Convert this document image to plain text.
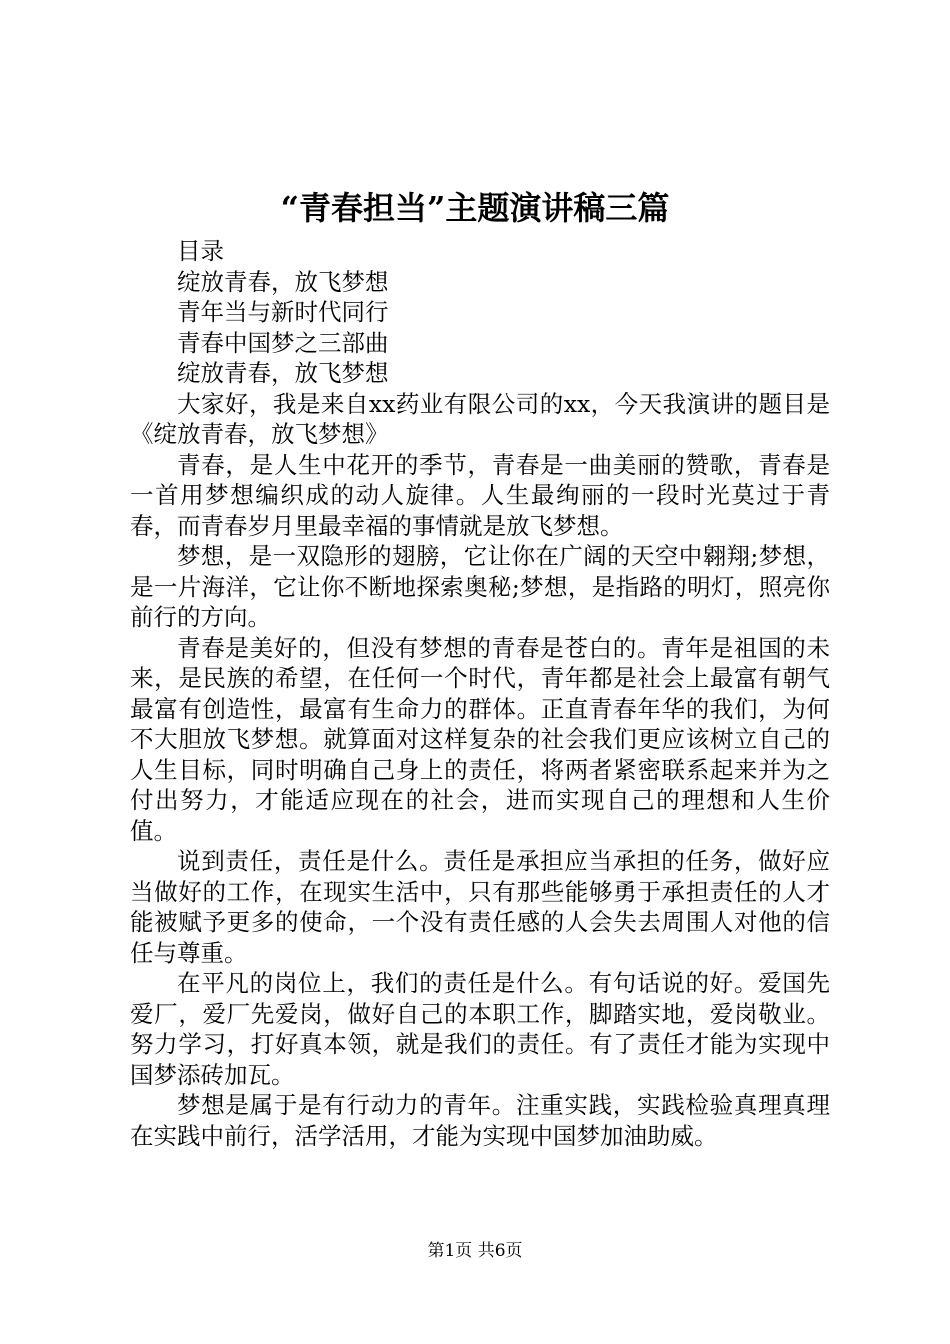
“青春担当”主题演讲稿三篇

目录

绽放青春，放飞梦想

青年当与新时代同行

青春中国梦之三部曲

绽放青春，放飞梦想

大家好，我是来自xx药业有限公司的xx，今天我演讲的题目是《绽放青春，放飞梦想》

青春，是人生中花开的季节，青春是一曲美丽的赞歌，青春是一首用梦想编织成的动人旋律。人生最绚丽的一段时光莫过于青春，而青春岁月里最幸福的事情就是放飞梦想。

梦想，是一双隐形的翅膀，它让你在广阔的天空中翱翔;梦想，是一片海洋，它让你不断地探索奥秘;梦想，是指路的明灯，照亮你前行的方向。

青春是美好的，但没有梦想的青春是苍白的。青年是祖国的未来，是民族的希望，在任何一个时代，青年都是社会上最富有朝气最富有创造性，最富有生命力的群体。正直青春年华的我们，为何不大胆放飞梦想。就算面对这样复杂的社会我们更应该树立自己的人生目标，同时明确自己身上的责任，将两者紧密联系起来并为之付出努力，才能适应现在的社会，进而实现自己的理想和人生价值。

说到责任，责任是什么。责任是承担应当承担的任务，做好应当做好的工作，在现实生活中，只有那些能够勇于承担责任的人才能被赋予更多的使命，一个没有责任感的人会失去周围人对他的信任与尊重。

在平凡的岗位上，我们的责任是什么。有句话说的好。爱国先爱厂，爱厂先爱岗，做好自己的本职工作，脚踏实地，爱岗敬业。努力学习，打好真本领，就是我们的责任。有了责任才能为实现中国梦添砖加瓦。

梦想是属于是有行动力的青年。注重实践，实践检验真理真理在实践中前行，活学活用，才能为实现中国梦加油助威。

第1页 共6页
